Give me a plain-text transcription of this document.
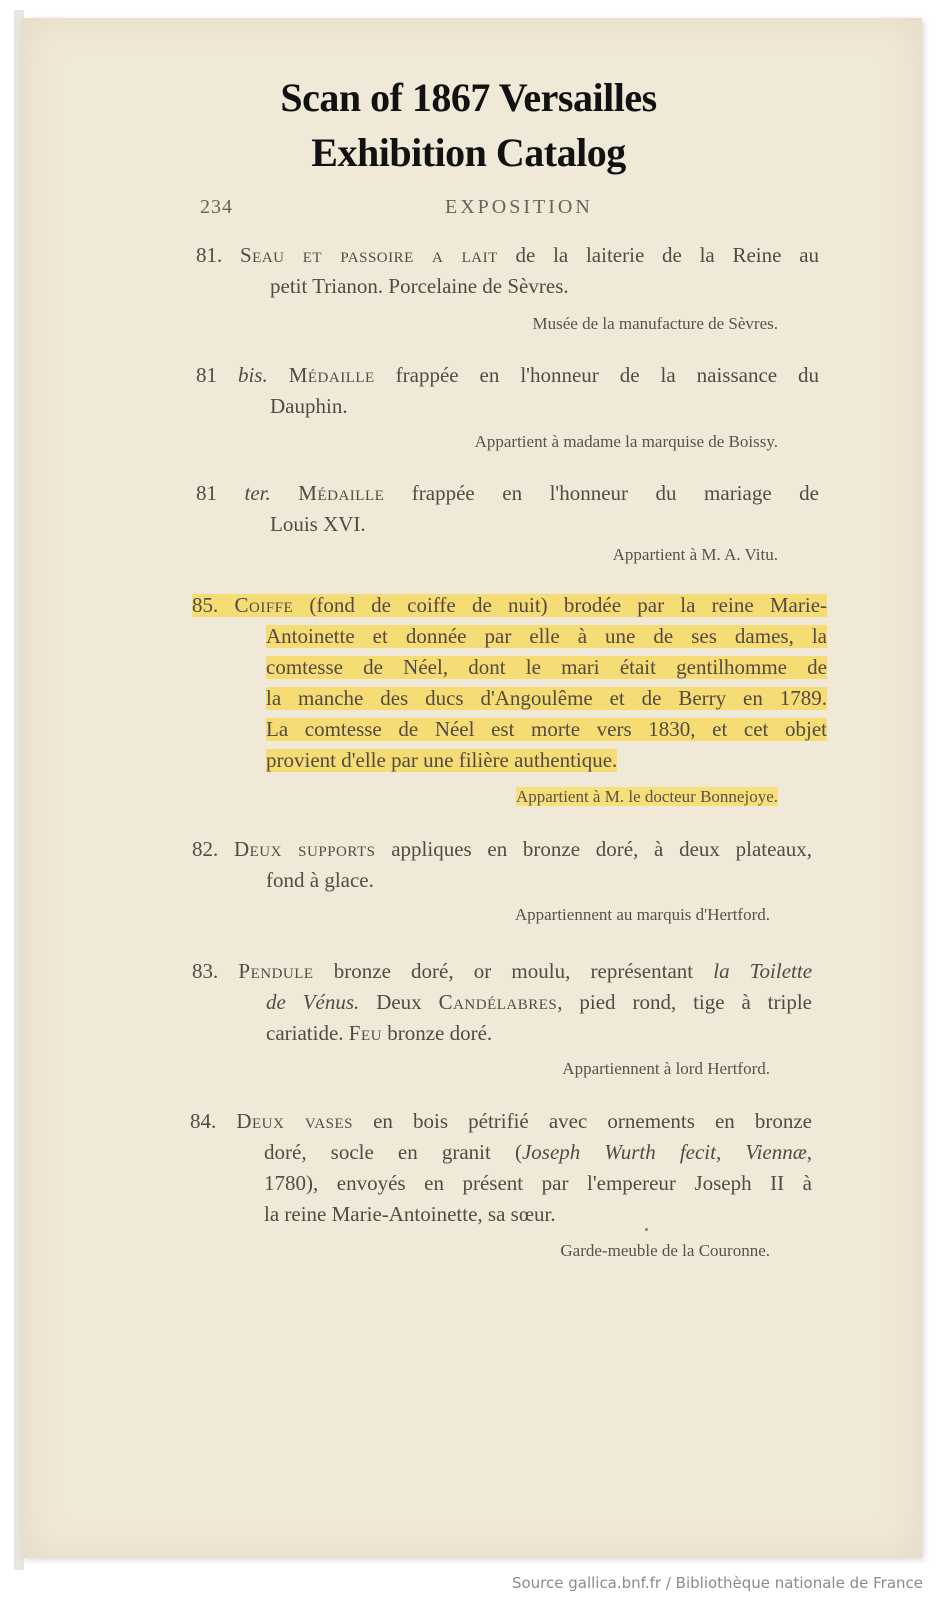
Scan of 1867 Versailles
Exhibition Catalog
234	EXPOSITION
81. Seau et passoire a lait de la laiterie de la Reine au
petit Trianon. Porcelaine de Sèvres.
Musée de la manufacture de Sèvres.
81 bis. Médaille frappée en l'honneur de la naissance du
Dauphin.
Appartient à madame la marquise de Boissy.
81 ter. Médaille frappée en l'honneur du mariage de
Louis XVI.
Appartient à M. A. Vitu.
85. Coiffe (fond de coiffe de nuit) brodée par la reine Marie-
Antoinette et donnée par elle à une de ses dames, la
comtesse de Néel, dont le mari était gentilhomme de
la manche des ducs d'Angoulême et de Berry en 1789.
La comtesse de Néel est morte vers 1830, et cet objet
provient d'elle par une filière authentique.
Appartient à M. le docteur Bonnejoye.
82. Deux supports appliques en bronze doré, à deux plateaux,
fond à glace.
Appartiennent au marquis d'Hertford.
83. Pendule bronze doré, or moulu, représentant la Toilette
de Vénus. Deux Candélabres, pied rond, tige à triple
cariatide. Feu bronze doré.
Appartiennent à lord Hertford.
84. Deux vases en bois pétrifié avec ornements en bronze
doré, socle en granit (Joseph Wurth fecit, Viennæ,
1780), envoyés en présent par l'empereur Joseph II à
la reine Marie-Antoinette, sa sœur.
Garde-meuble de la Couronne.
Source gallica.bnf.fr / Bibliothèque nationale de France
